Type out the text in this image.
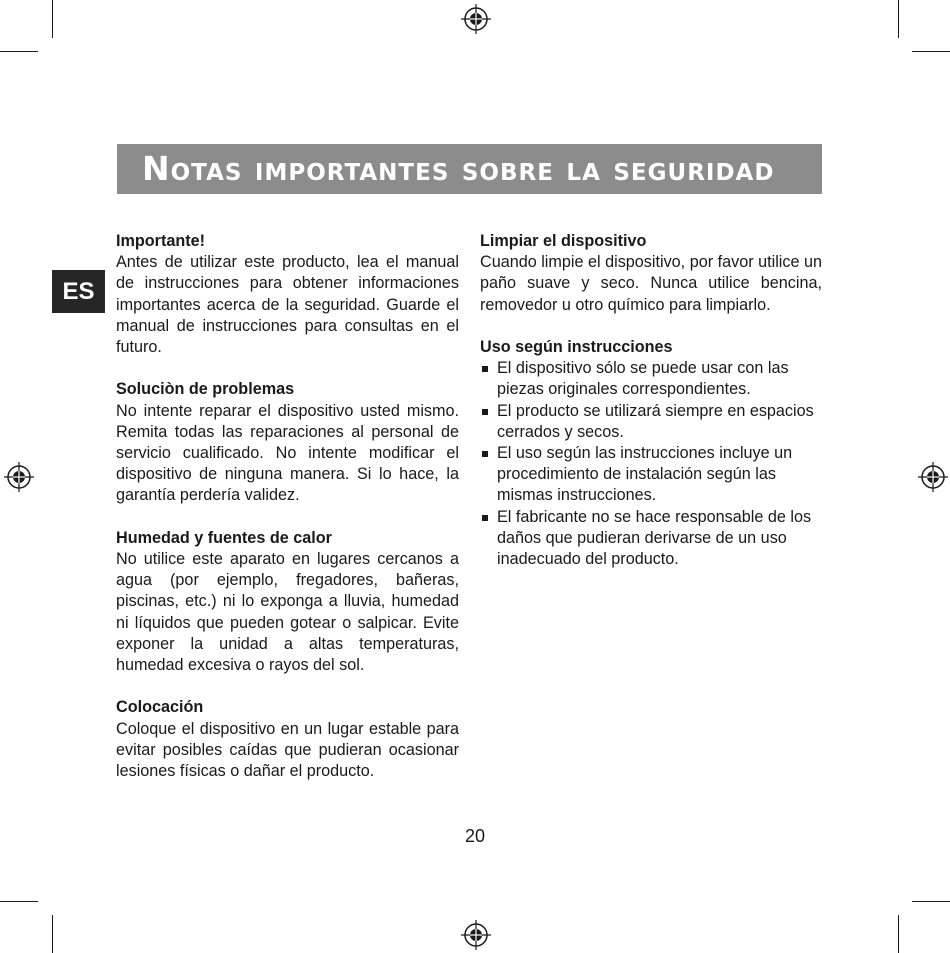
Notas importantes sobre la seguridad
ES
Importante!
Antes de utilizar este producto, lea el manual de instrucciones para obtener informaciones importantes acerca de la seguridad. Guarde el manual de instrucciones para consultas en el futuro.
Soluciòn de problemas
No intente reparar el dispositivo usted mismo. Remita todas las reparaciones al personal de servicio cualificado. No intente modificar el dispositivo de ninguna manera. Si lo hace, la garantía perdería validez.
Humedad y fuentes de calor
No utilice este aparato en lugares cercanos a agua (por ejemplo, fregadores, bañeras, piscinas, etc.) ni lo exponga a lluvia, humedad ni líquidos que pueden gotear o salpicar. Evite exponer la unidad a altas temperaturas, humedad excesiva o rayos del sol.
Colocación
Coloque el dispositivo en un lugar estable para evitar posibles caídas que pudieran ocasionar lesiones físicas o dañar el producto.
Limpiar el dispositivo
Cuando limpie el dispositivo, por favor utilice un paño suave y seco. Nunca utilice bencina, removedor u otro químico para limpiarlo.
Uso según instrucciones
El dispositivo sólo se puede usar con las piezas originales correspondientes.
El producto se utilizará siempre en espacios cerrados y secos.
El uso según las instrucciones incluye un procedimiento de instalación según las mismas instrucciones.
El fabricante no se hace responsable de los daños que pudieran derivarse de un uso inadecuado del producto.
20
